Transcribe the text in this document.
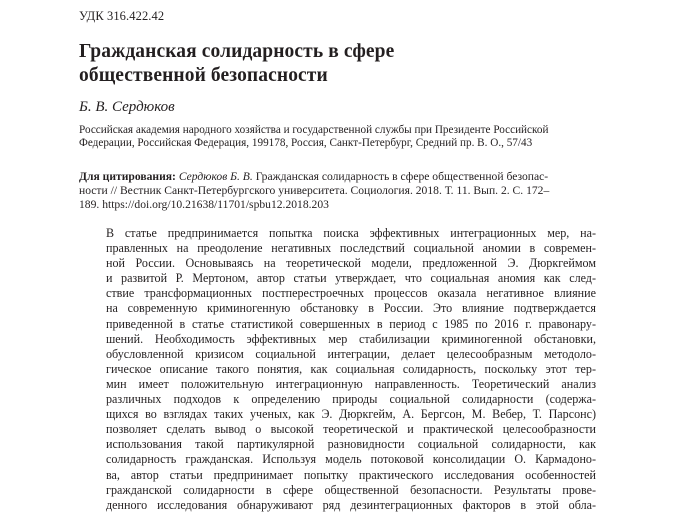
УДК 316.422.42
Гражданская солидарность в сфере
общественной безопасности
Б. В. Сердюков
Российская академия народного хозяйства и государственной службы при Президенте Российской
Федерации, Российская Федерация, 199178, Россия, Санкт-Петербург, Средний пр. В. О., 57/43
Для цитирования: Сердюков Б. В. Гражданская солидарность в сфере общественной безопас-
ности // Вестник Санкт-Петербургского университета. Социология. 2018. Т. 11. Вып. 2. С. 172–
189. https://doi.org/10.21638/11701/spbu12.2018.203
В статье предпринимается попытка поиска эффективных интеграционных мер, на-
правленных на преодоление негативных последствий социальной аномии в современ-
ной России. Основываясь на теоретической модели, предложенной Э. Дюркгеймом
и развитой Р. Мертоном, автор статьи утверждает, что социальная аномия как след-
ствие трансформационных постперестроечных процессов оказала негативное влияние
на современную криминогенную обстановку в России. Это влияние подтверждается
приведенной в статье статистикой совершенных в период с 1985 по 2016 г. правонару-
шений. Необходимость эффективных мер стабилизации криминогенной обстановки,
обусловленной кризисом социальной интеграции, делает целесообразным методоло-
гическое описание такого понятия, как социальная солидарность, поскольку этот тер-
мин имеет положительную интеграционную направленность. Теоретический анализ
различных подходов к определению природы социальной солидарности (содержа-
щихся во взглядах таких ученых, как Э. Дюркгейм, А. Бергсон, М. Вебер, Т. Парсонс)
позволяет сделать вывод о высокой теоретической и практической целесообразности
использования такой партикулярной разновидности социальной солидарности, как
солидарность гражданская. Используя модель потоковой консолидации О. Кармадоно-
ва, автор статьи предпринимает попытку практического исследования особенностей
гражданской солидарности в сфере общественной безопасности. Результаты прове-
денного исследования обнаруживают ряд дезинтеграционных факторов в этой обла-
